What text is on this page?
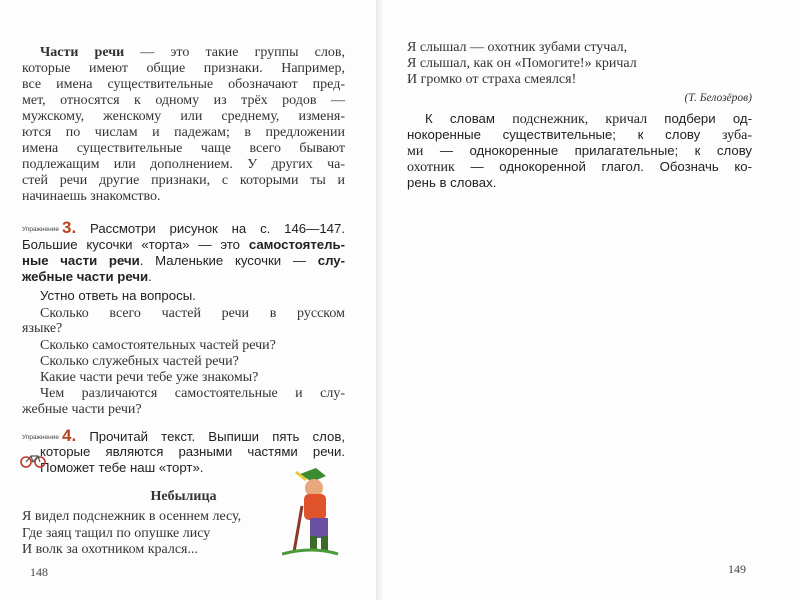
Части речи — это такие группы слов,
которые имеют общие признаки. Например,
все имена существительные обозначают пред-
мет, относятся к одному из трёх родов —
мужскому, женскому или среднему, изменя-
ются по числам и падежам; в предложении
имена существительные чаще всего бывают
подлежащим или дополнением. У других ча-
стей речи другие признаки, с которыми ты и
начинаешь знакомство.
Упражнение 3. Рассмотри рисунок на с. 146—147.
Большие кусочки «торта» — это самостоятель-
ные части речи. Маленькие кусочки — слу-
жебные части речи.
Устно ответь на вопросы.
Сколько всего частей речи в русском
языке?
Сколько самостоятельных частей речи?
Сколько служебных частей речи?
Какие части речи тебе уже знакомы?
Чем различаются самостоятельные и слу-
жебные части речи?
Упражнение 4. Прочитай текст. Выпиши пять слов,
которые являются разными частями речи.
Поможет тебе наш «торт».
Небылица
Я видел подснежник в осеннем лесу,
Где заяц тащил по опушке лису
И волк за охотником крался...
148
Я слышал — охотник зубами стучал,
Я слышал, как он «Помогите!» кричал
И громко от страха смеялся!
(Т. Белозёров)
К словам подснежник, кричал подбери од-
нокоренные существительные; к слову зуба-
ми — однокоренные прилагательные; к слову
охотник — однокоренной глагол. Обозначь ко-
рень в словах.
149
